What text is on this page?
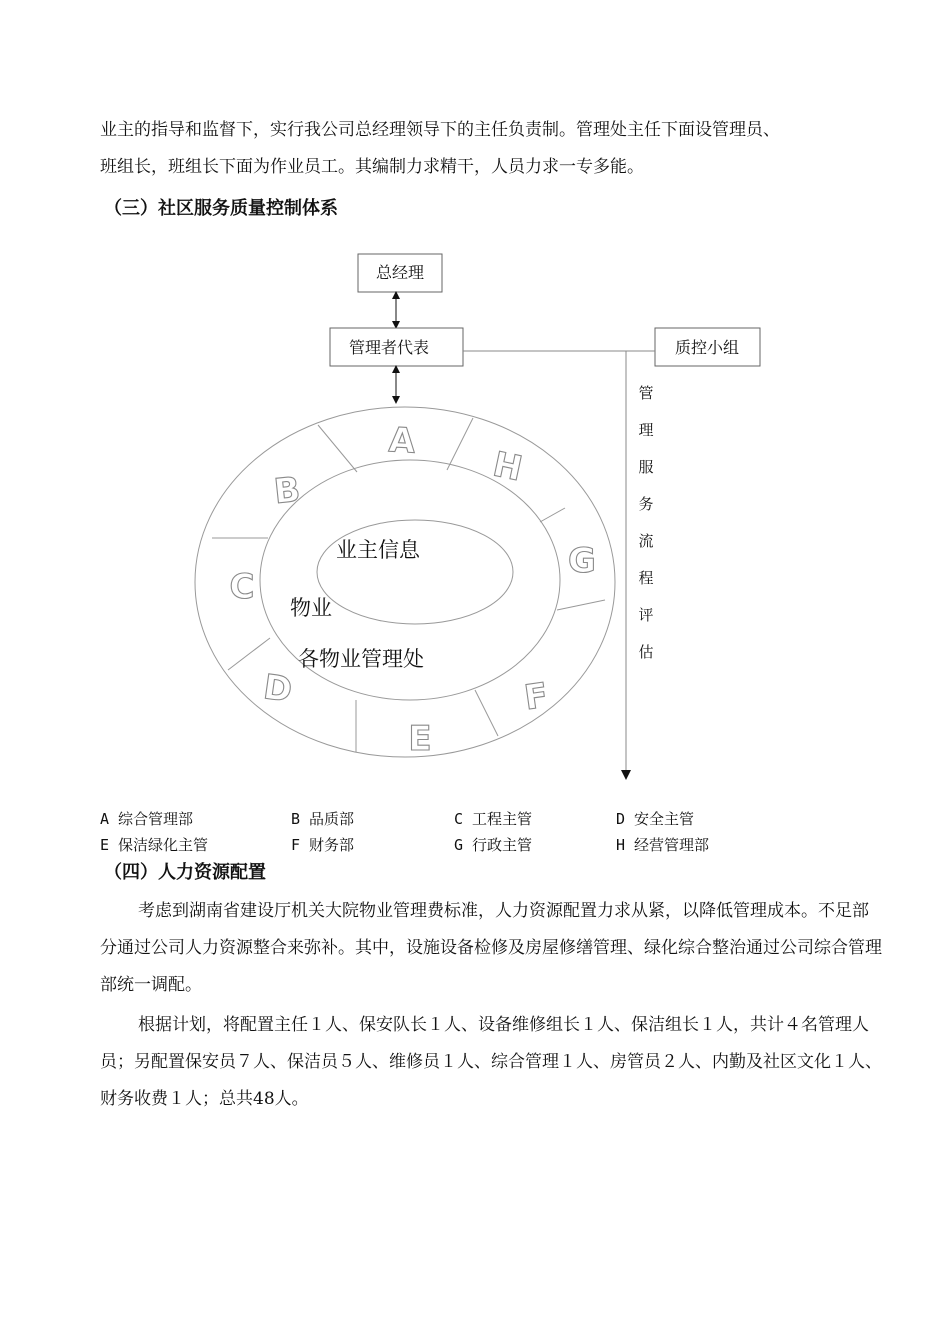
业主的指导和监督下，实行我公司总经理领导下的主任负责制。管理处主任下面设管理员、

班组长，班组长下面为作业员工。其编制力求精干，人员力求一专多能。

（三）社区服务质量控制体系
总经理
管理者代表	质控小组
管
理
服
务
流
程
评
估
A
H
G
F
E
D
C
B
业主信息
物业
各物业管理处
A 综合管理部	B 品质部	C 工程主管	D 安全主管
E 保洁绿化主管	F 财务部	G 行政主管	H 经营管理部
（四）人力资源配置

考虑到湖南省建设厅机关大院物业管理费标准，人力资源配置力求从紧，以降低管理成本。不足部分通过公司人力资源整合来弥补。其中，设施设备检修及房屋修缮管理、绿化综合整治通过公司综合管理部统一调配。

根据计划，将配置主任１人、保安队长１人、设备维修组长１人、保洁组长１人，共计４名管理人员；另配置保安员７人、保洁员５人、维修员１人、综合管理１人、房管员２人、内勤及社区文化１人、财务收费１人；总共48人。
